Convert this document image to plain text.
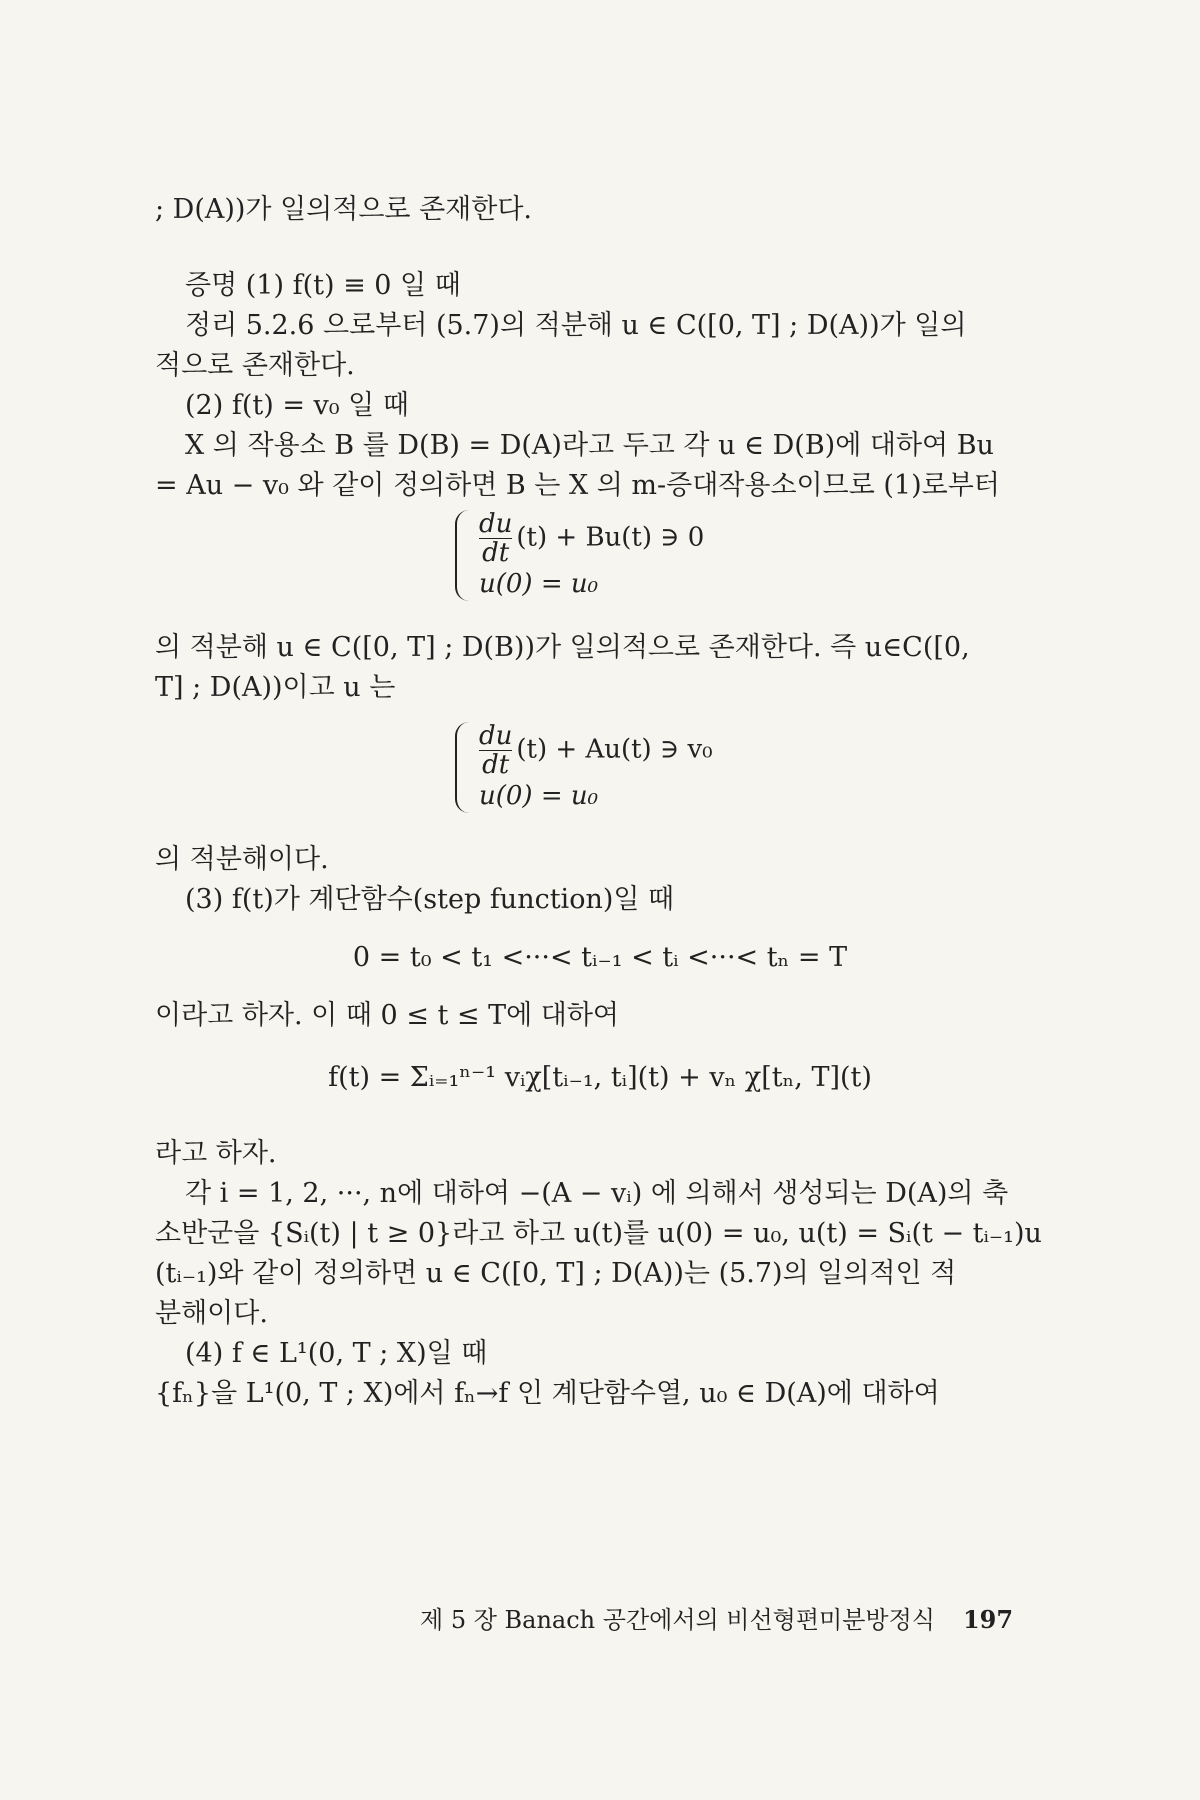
; D(A))가 일의적으로 존재한다.
증명 (1) f(t) ≡ 0 일 때
정리 5.2.6 으로부터 (5.7)의 적분해 u ∈ C([0, T] ; D(A))가 일의
적으로 존재한다.
(2) f(t) = v₀ 일 때
X 의 작용소 B 를 D(B) = D(A)라고 두고 각 u ∈ D(B)에 대하여 Bu
= Au − v₀ 와 같이 정의하면 B 는 X 의 m-증대작용소이므로 (1)로부터
$\frac{du}{dt} (t) + Bu(t)$ ∋ 0
u(0) = u₀
의 적분해 u ∈ C([0, T] ; D(B))가 일의적으로 존재한다. 즉 u∈C([0,
T] ; D(A))이고 u 는
$\frac{du}{dt} (t) + Au(t)$ ∋ v₀
u(0) = u₀
의 적분해이다.
(3) f(t)가 계단함수(step function)일 때
0 = t₀ < t₁ <···< tᵢ₋₁ < tᵢ <···< tₙ = T
이라고 하자. 이 때 0 ≤ t ≤ T에 대하여
f(t) = Σᵢ₌₁ⁿ⁻¹ vᵢχ[tᵢ₋₁, tᵢ](t) + vₙ χ[tₙ, T](t)
라고 하자.
각 i = 1, 2, ···, n에 대하여 −(A − vᵢ) 에 의해서 생성되는 D(A)의 축
소반군을 {Sᵢ(t) | t ≥ 0}라고 하고 u(t)를 u(0) = u₀, u(t) = Sᵢ(t − tᵢ₋₁)u
(tᵢ₋₁)와 같이 정의하면 u ∈ C([0, T] ; D(A))는 (5.7)의 일의적인 적
분해이다.
(4) f ∈ L¹(0, T ; X)일 때
{fₙ}을 L¹(0, T ; X)에서 fₙ→f 인 계단함수열, u₀ ∈ D(A)에 대하여
제 5 장 Banach 공간에서의 비선형편미분방정식 197
